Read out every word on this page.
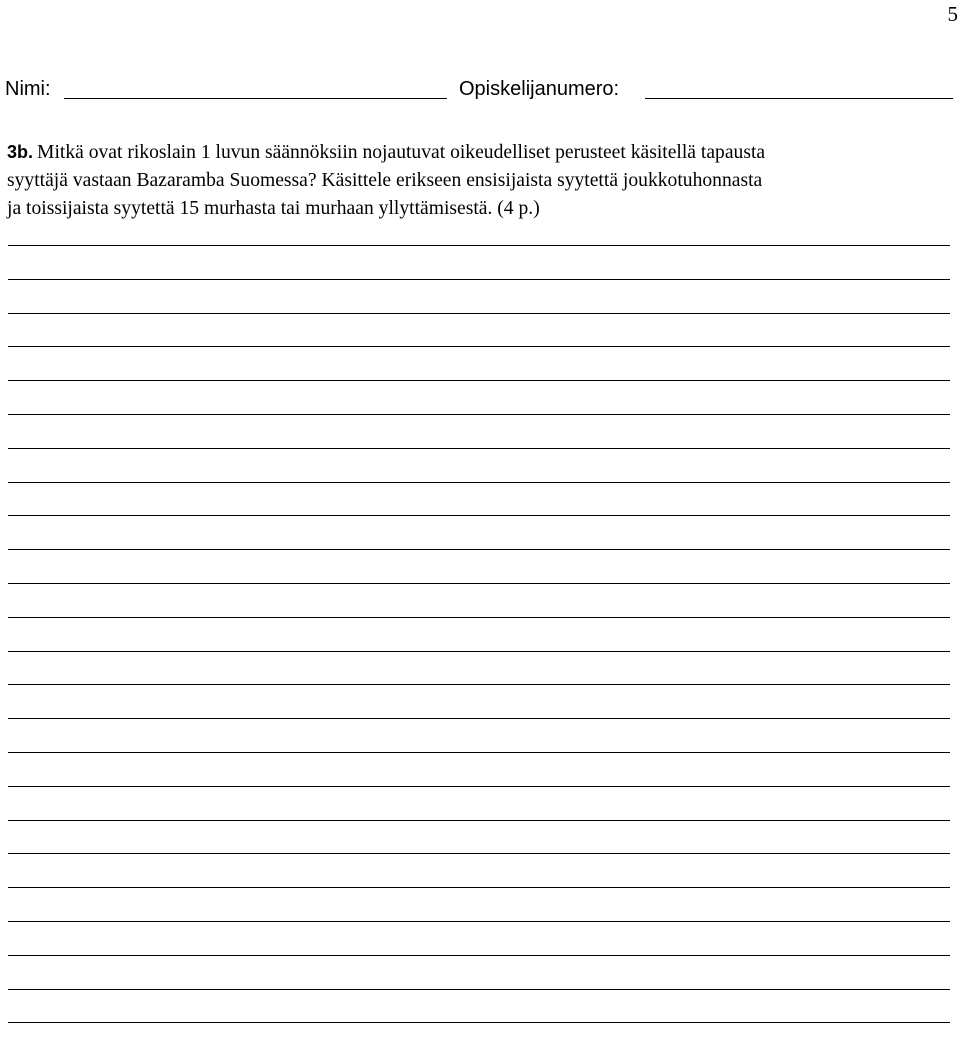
5
Nimi:	Opiskelijanumero:
3b. Mitkä ovat rikoslain 1 luvun säännöksiin nojautuvat oikeudelliset perusteet käsitellä tapausta
syyttäjä vastaan Bazaramba Suomessa? Käsittele erikseen ensisijaista syytettä joukkotuhonnasta
ja toissijaista syytettä 15 murhasta tai murhaan yllyttämisestä. (4 p.)
